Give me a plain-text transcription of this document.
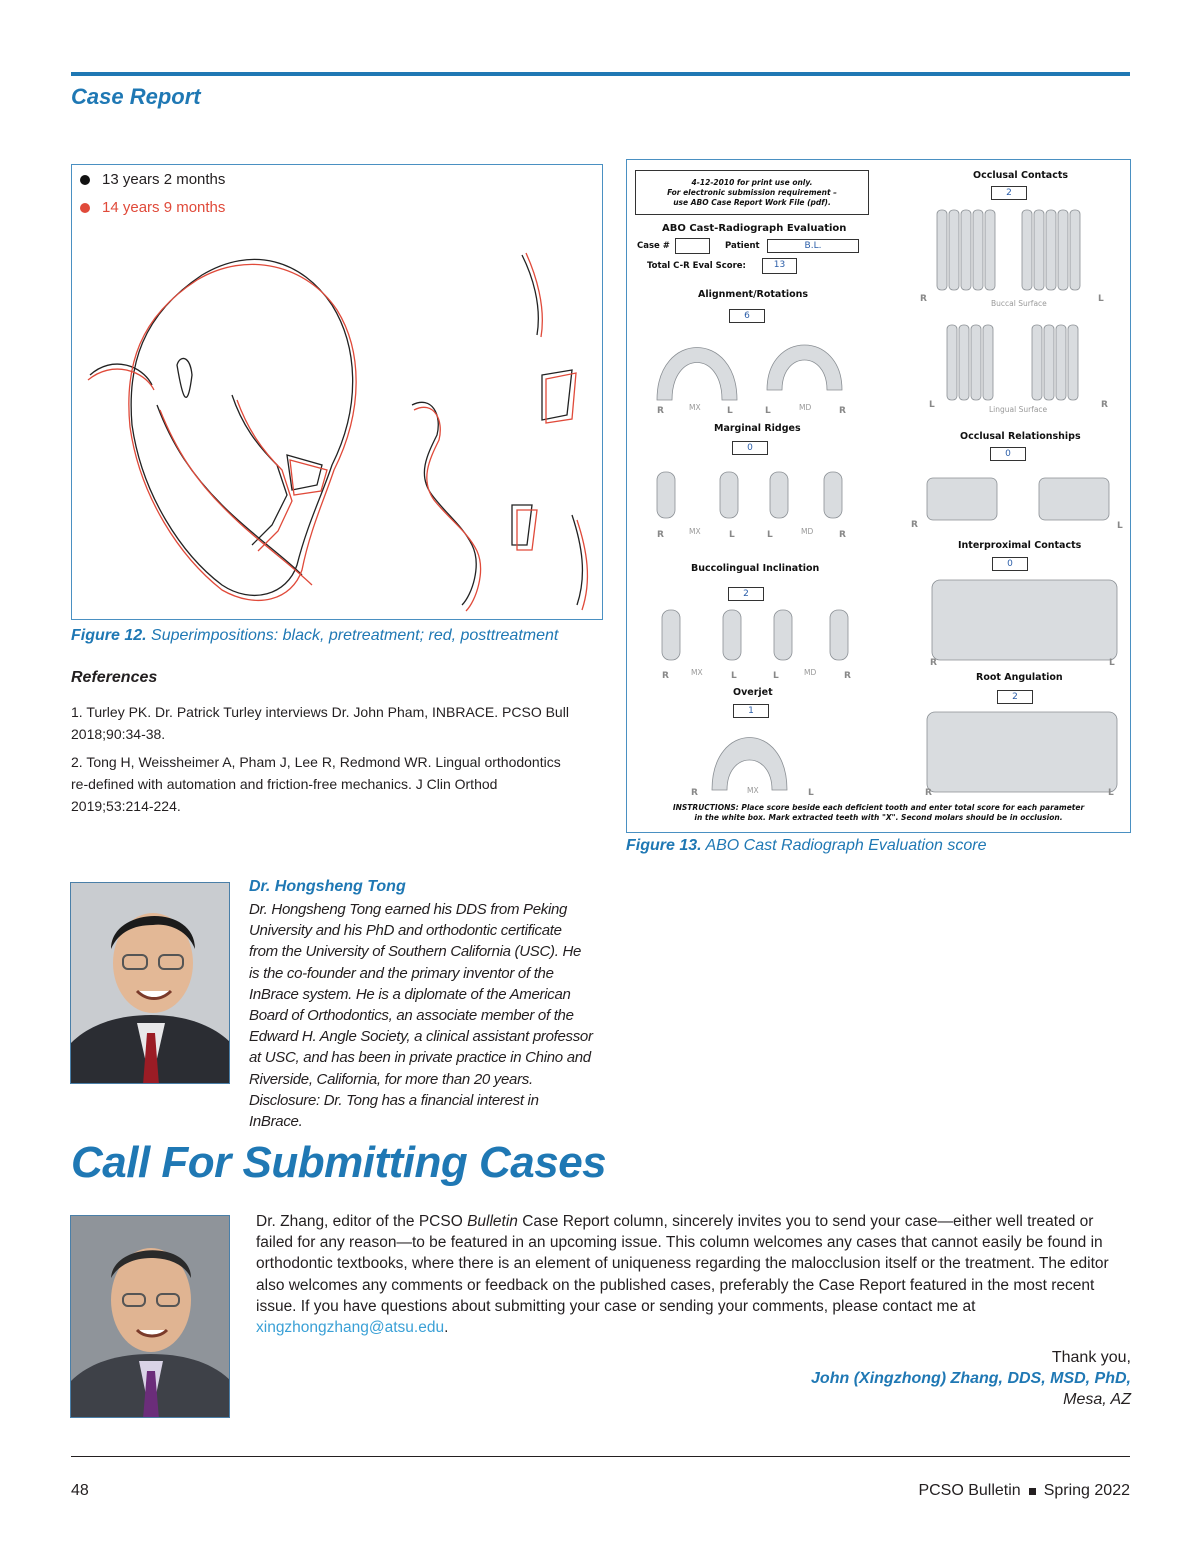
Case Report
13 years 2 months
14 years 9 months
Figure 12. Superimpositions: black, pretreatment; red, posttreatment
References
1. Turley PK. Dr. Patrick Turley interviews Dr. John Pham, INBRACE. PCSO Bull 2018;90:34-38.
2. Tong H, Weissheimer A, Pham J, Lee R, Redmond WR. Lingual orthodontics re-defined with automation and friction-free mechanics. J Clin Orthod 2019;53:214-224.
4-12-2010 for print use only.
For electronic submission requirement –
use ABO Case Report Work File (pdf).
ABO Cast-Radiograph Evaluation
Case #	Patient	B.L.
Total C-R Eval Score:	13
Alignment/Rotations
6
Marginal Ridges
0
Buccolingual Inclination
2
Overjet
1
Occlusal Contacts
2
Occlusal Relationships
0
Interproximal Contacts
0
Root Angulation
2
R	MX	L	L	MD	R
R	MX	L	L	MD	R
R	MX	L	L	MD	R
R	MX	L
R	Buccal Surface	L
L	Lingual Surface	R
R	L
R	L
R	L
INSTRUCTIONS: Place score beside each deficient tooth and enter total score for each parameter
in the white box. Mark extracted teeth with "X". Second molars should be in occlusion.
Figure 13. ABO Cast Radiograph Evaluation score
Dr. Hongsheng Tong
Dr. Hongsheng Tong earned his DDS from Peking University and his PhD and orthodontic certificate from the University of Southern California (USC). He is the co-founder and the primary inventor of the InBrace system. He is a diplomate of the American Board of Orthodontics, an associate member of the Edward H. Angle Society, a clinical assistant professor at USC, and has been in private practice in Chino and Riverside, California, for more than 20 years. Disclosure: Dr. Tong has a financial interest in InBrace.
Call For Submitting Cases
Dr. Zhang, editor of the PCSO Bulletin Case Report column, sincerely invites you to send your case—either well treated or failed for any reason—to be featured in an upcoming issue. This column welcomes any cases that cannot easily be found in orthodontic textbooks, where there is an element of uniqueness regarding the malocclusion itself or the treatment. The editor also welcomes any comments or feedback on the published cases, preferably the Case Report featured in the most recent issue. If you have questions about submitting your case or sending your comments, please contact me at xingzhongzhang@atsu.edu.
Thank you,
John (Xingzhong) Zhang, DDS, MSD, PhD,
Mesa, AZ
48	PCSO Bulletin Spring 2022
